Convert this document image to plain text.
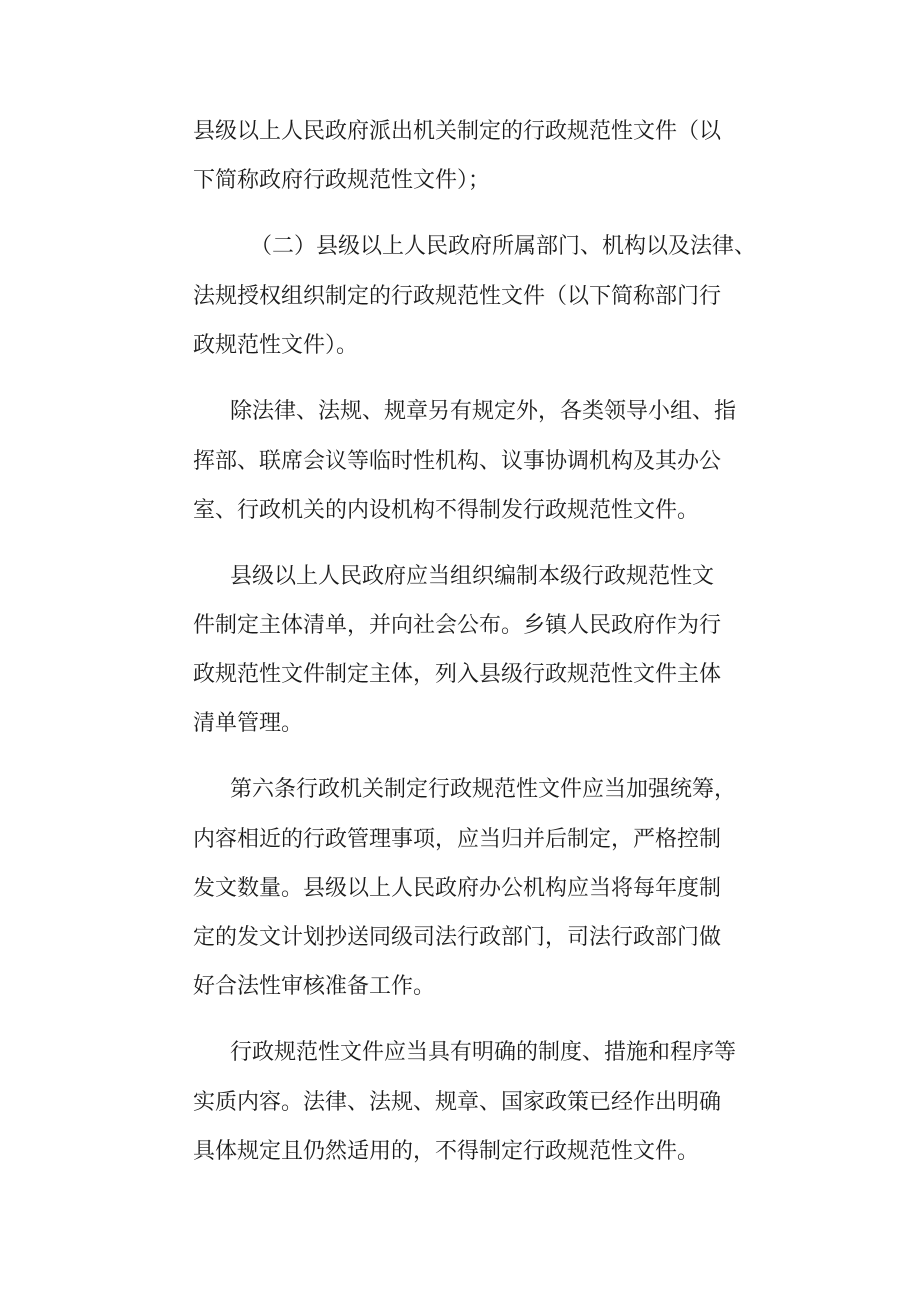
县级以上人民政府派出机关制定的行政规范性文件（以
下简称政府行政规范性文件）；
（二）县级以上人民政府所属部门、机构以及法律、
法规授权组织制定的行政规范性文件（以下简称部门行
政规范性文件）。
除法律、法规、规章另有规定外，各类领导小组、指
挥部、联席会议等临时性机构、议事协调机构及其办公
室、行政机关的内设机构不得制发行政规范性文件。
县级以上人民政府应当组织编制本级行政规范性文
件制定主体清单，并向社会公布。乡镇人民政府作为行
政规范性文件制定主体，列入县级行政规范性文件主体
清单管理。
第六条行政机关制定行政规范性文件应当加强统筹，
内容相近的行政管理事项，应当归并后制定，严格控制
发文数量。县级以上人民政府办公机构应当将每年度制
定的发文计划抄送同级司法行政部门，司法行政部门做
好合法性审核准备工作。
行政规范性文件应当具有明确的制度、措施和程序等
实质内容。法律、法规、规章、国家政策已经作出明确
具体规定且仍然适用的，不得制定行政规范性文件。
